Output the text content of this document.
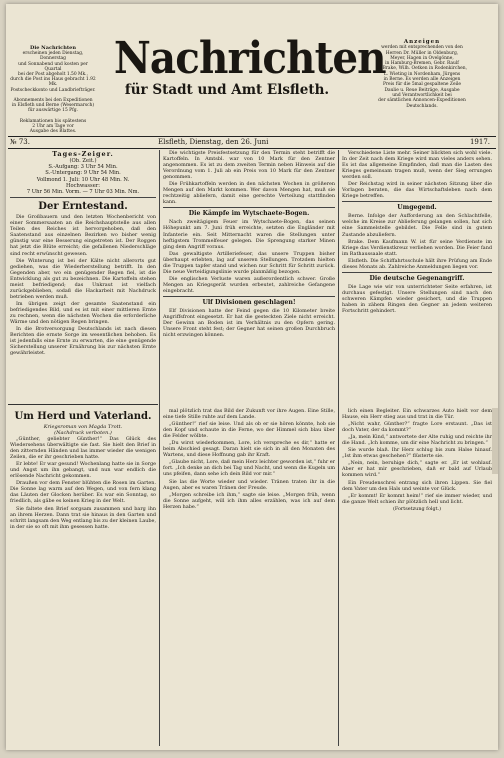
Die Nachrichten
erscheinen jeden Dienstag, Donnerstag
und Sonnabend und kosten per Quartal
bei der Post abgeholt 1.50 Mk.,
durch die Post ins Haus gebracht 1.92 Mk.
Postscheckkonto und Landbriefträger.

Abonnements bei den Expeditionen
in Elsfleth und Berne (Wesermarsch)
für auswärtige 15 Pfg.

Reklamationen bis spätestens
2 Uhr am Tage vor
Ausgabe des Blattes.
Nachrichten
für Stadt und Amt Elsfleth.
Anzeigen
werden mit entsprechenden von den
Herren Dr. Müller in Oldenburg,
Meyer, Hagen in Ovelgönne,
in Hamburg-Bremen, Gebr. Raulf
in Brake, Wilh. Oetken in Rodenkirchen,
L. Wieting in Nordenham, Jürgens
in Berne. Es werden alle Anzeigen
Preis für die 5mal gespaltene Zeile
Daulie u. Reue Beiträge, Ausgabe
und Verantwortlichkeit bei
der sämtlichen Annoncen-Expeditionen
Deutschlands.
№ 73.	Elsfleth, Dienstag, den 26. Juni	1917.
Tages-Zeiger.
(Ob. Zeit.)
S.-Aufgang: 3 Uhr 54 Min.
S.-Untergang: 9 Uhr 54 Min.
Vollmond 1. Juli: 10 Uhr 48 Min. N.
Hochwasser:
7 Uhr 56 Min. Vorm. — 7 Uhr 03 Min. Nm.
Der Erntestand.

Die Großbauern und den letzten Wochenbericht von einer Sommersaaten an die Reichshauptstelle aus allen Teilen des Reiches ist hervorgehoben, daß den Saatenstand aus einzelnen Bezirken wo bisher wenig günstig war eine Besserung eingetreten ist. Der Roggen hat jetzt die Blüte erreicht; die gefallenen Niederschläge sind recht erwünscht gewesen.

Die Winterung ist bei der Kälte nicht allerorts gut gediehen, was die Wiederherstellung betrifft. In den Gegenden aber, wo ein genügender Regen fiel, ist die Entwicklung als gut zu bezeichnen. Die Kartoffeln stehen meist befriedigend; das Unkraut ist vielfach zurückgeblieben, sodaß die Hackarbeit mit Nachdruck betrieben werden muß.

Im übrigen zeigt der gesamte Saatenstand ein befriedigendes Bild, und es ist mit einer mittleren Ernte zu rechnen, wenn die nächsten Wochen die erforderliche Wärme und den nötigen Regen bringen.

In die Brotversorgung Deutschlands ist nach diesen Berichten die ernste Sorge im wesentlichen behoben. Es ist jedenfalls eine Ernte zu erwarten, die eine genügende Sicherstellung unserer Ernährung bis zur nächsten Ernte gewährleistet.

Die wichtigste Preisfestsetzung für den Termin steht betrifft die Kartoffeln. In Amtsbl. war von 10 Mark für den Zentner angenommen. Es ist zu dem zweiten Termin neben Hinweis auf die Verordnung vom 1. Juli ab ein Preis von 10 Mark für den Zentner genommen.

Die Frühkartoffeln werden in den nächsten Wochen in größeren Mengen auf den Markt kommen. Wer davon Mengen hat, muß sie rechtzeitig abliefern, damit eine gerechte Verteilung stattfinden kann.

Die Kämpfe im Wytschaete-Bogen.

Nach zweitägigem Feuer im Wytschaete-Bogen, das seinen Höhepunkt am 7. Juni früh erreichte, setzten die Engländer mit Infanterie ein. Seit Mitternacht waren die Stellungen unter heftigstem Trommelfeuer gelegen. Die Sprengung starker Minen ging dem Angriff voraus.

Das gewaltigste Artilleriefeuer, das unsere Truppen bisher überhaupt erlebten, lag auf unseren Stellungen. Trotzdem hielten die Truppen tapfer stand und wichen nur Schritt für Schritt zurück. Die neue Verteidigungslinie wurde planmäßig bezogen.

Die englischen Verluste waren außerordentlich schwer. Große Mengen an Kriegsgerät wurden erbeutet, zahlreiche Gefangene eingebracht.

Ulf Divisionen geschlagen!

Elf Divisionen hatte der Feind gegen die 10 Kilometer breite Angriffsfront eingesetzt. Er hat die gesteckten Ziele nicht erreicht. Der Gewinn an Boden ist im Verhältnis zu den Opfern gering. Unsere Front steht fest; der Gegner hat seinen großen Durchbruch nicht erzwingen können.

Verschiedene Liste mehr. Seiner blickten sich wohl viele. In der Zeit nach dem Kriege wird man vieles anders sehen. Es ist das allgemeine Empfinden, daß man die Lasten des Krieges gemeinsam tragen muß, wenn der Sieg errungen werden soll.

Der Reichstag wird in seiner nächsten Sitzung über die Vorlagen beraten, die das Wirtschaftsleben nach dem Kriege betreffen.

Umgegend.

Berne. Infolge der Aufforderung an den Schlachtfelle, welche im Kreise zur Ablieferung gelangen sollen, hat sich eine Sammelstelle gebildet. Die Felle sind in gutem Zustande abzuliefern.

Brake. Dem Kaufmann W. ist für seine Verdienste im Kriege das Verdienstkreuz verliehen worden. Die Feier fand im Rathaussaale statt.

Elsfleth. Die Schiffahrtsschule hält ihre Prüfung am Ende dieses Monats ab. Zahlreiche Anmeldungen liegen vor.

Die deutsche Gegenangriff.

Die Lage wie wir von unterrichteter Seite erfahren, ist durchaus gefestigt. Unsere Stellungen sind nach den schweren Kämpfen wieder gesichert, und die Truppen haben in zähem Ringen den Gegner an jedem weiteren Fortschritt gehindert.

Um Herd und Vaterland.
Kriegsroman von Magda Trott.
(Nachdruck verboten.)

„Günther, geliebter Günther!“ Das Glück des Wiedersehens überwältigte sie fast. Sie hielt den Brief in den zitternden Händen und las immer wieder die wenigen Zeilen, die er ihr geschrieben hatte.

Er lebte! Er war gesund! Wochenlang hatte sie in Sorge und Angst um ihn gebangt, und nun war endlich die erlösende Nachricht gekommen.

Draußen vor dem Fenster blühten die Rosen im Garten. Die Sonne lag warm auf den Wegen, und von fern klang das Läuten der Glocken herüber. Es war ein Sonntag, so friedlich, als gäbe es keinen Krieg in der Welt.

Sie faltete den Brief sorgsam zusammen und barg ihn an ihrem Herzen. Dann trat sie hinaus in den Garten und schritt langsam den Weg entlang bis zu der kleinen Laube, in der sie so oft mit ihm gesessen hatte.

mal plötzlich trat das Bild der Zukunft vor ihre Augen. Eine Stille, eine tiefe Stille ruhte auf dem Lande.

„Günther!“ rief sie leise. Und als ob er sie hören könnte, hob sie den Kopf und schaute in die Ferne, wo der Himmel sich blau über die Felder wölbte.

„Du wirst wiederkommen, Lore, ich verspreche es dir,“ hatte er beim Abschied gesagt. Daran hielt sie sich in all den Monaten des Wartens, und diese Hoffnung gab ihr Kraft.

„Glaube nicht, Lore, daß mein Herz leichter geworden ist,“ fuhr er fort. „Ich denke an dich bei Tag und Nacht, und wenn die Kugeln um uns pfeifen, dann sehe ich dein Bild vor mir.“

Sie las die Worte wieder und wieder. Tränen traten ihr in die Augen, aber es waren Tränen der Freude.

„Morgen schreibe ich ihm,“ sagte sie leise. „Morgen früh, wenn die Sonne aufgeht, will ich ihm alles erzählen, was ich auf dem Herzen habe.“

lich einen Begleiter. Ein schwarzes Auto hielt vor dem Hause, ein Herr stieg aus und trat in die Tür.

„Nicht wahr, Günther?“ fragte Lore erstaunt. „Das ist doch Vater, der da kommt?“

„Ja, mein Kind,“ antwortete der Alte ruhig und reichte ihr die Hand. „Ich komme, um dir eine Nachricht zu bringen.“

Sie wurde blaß. Ihr Herz schlug bis zum Halse hinauf. „Ist ihm etwas geschehen?“ flüsterte sie.

„Nein, nein, beruhige dich,“ sagte er. „Er ist wohlauf. Aber er hat mir geschrieben, daß er bald auf Urlaub kommen wird.“

Ein Freudenschrei entrang sich ihren Lippen. Sie fiel dem Vater um den Hals und weinte vor Glück.

„Er kommt! Er kommt heim!“ rief sie immer wieder, und die ganze Welt schien ihr plötzlich hell und licht.

(Fortsetzung folgt.)
